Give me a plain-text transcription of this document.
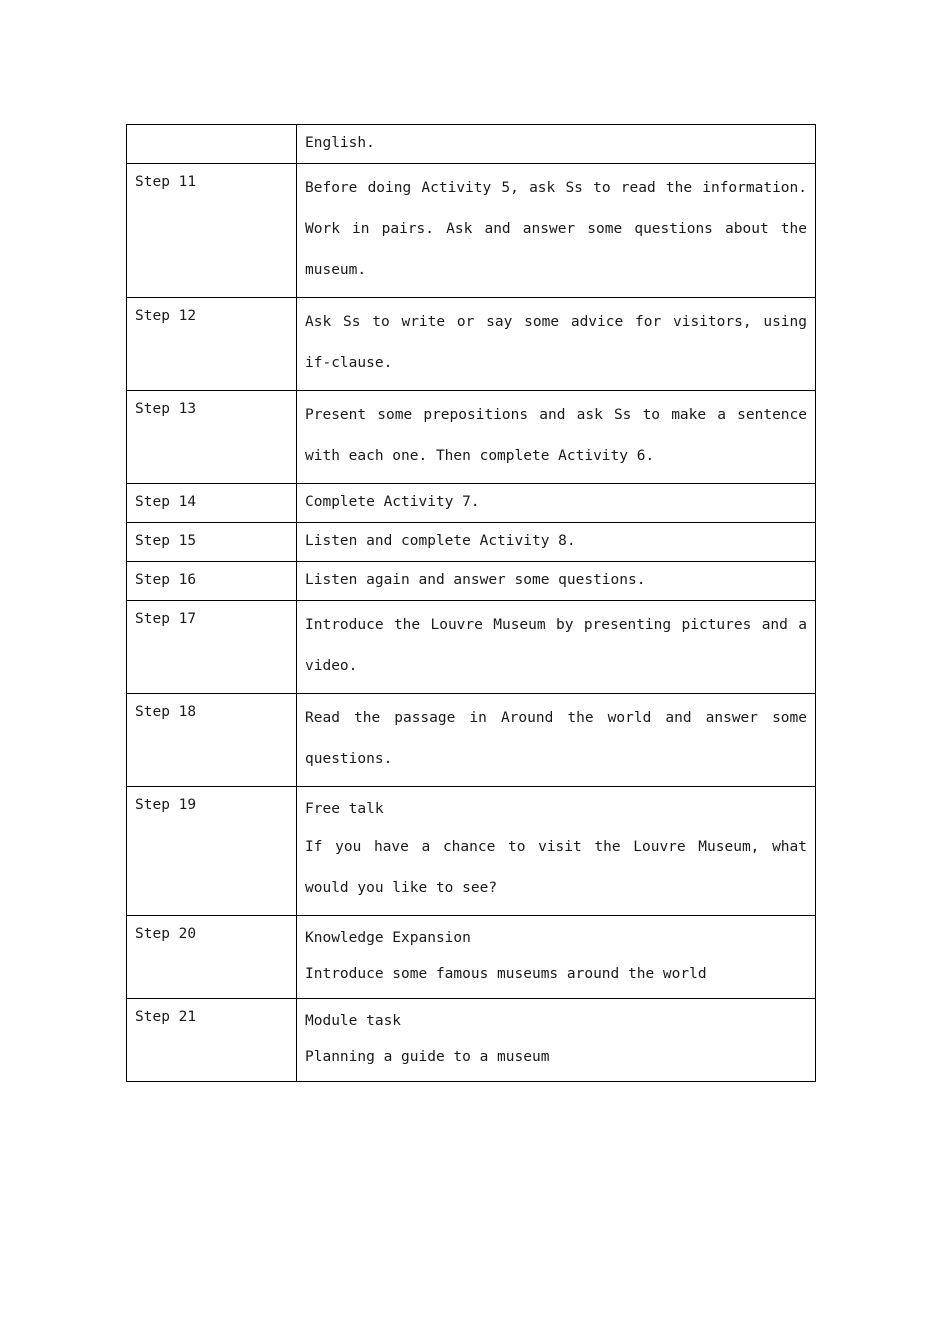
	English.

Step 11	Before doing Activity 5, ask Ss to read the information. Work in pairs. Ask and answer some questions about the museum.

Step 12	Ask Ss to write or say some advice for visitors, using if-clause.

Step 13	Present some prepositions and ask Ss to make a sentence with each one. Then complete Activity 6.

Step 14	Complete Activity 7.

Step 15	Listen and complete Activity 8.

Step 16	Listen again and answer some questions.

Step 17	Introduce the Louvre Museum by presenting pictures and a video.

Step 18	Read the passage in Around the world and answer some questions.

Step 19	Free talk
If you have a chance to visit the Louvre Museum, what would you like to see?

Step 20	Knowledge Expansion
Introduce some famous museums around the world

Step 21	Module task
Planning a guide to a museum
